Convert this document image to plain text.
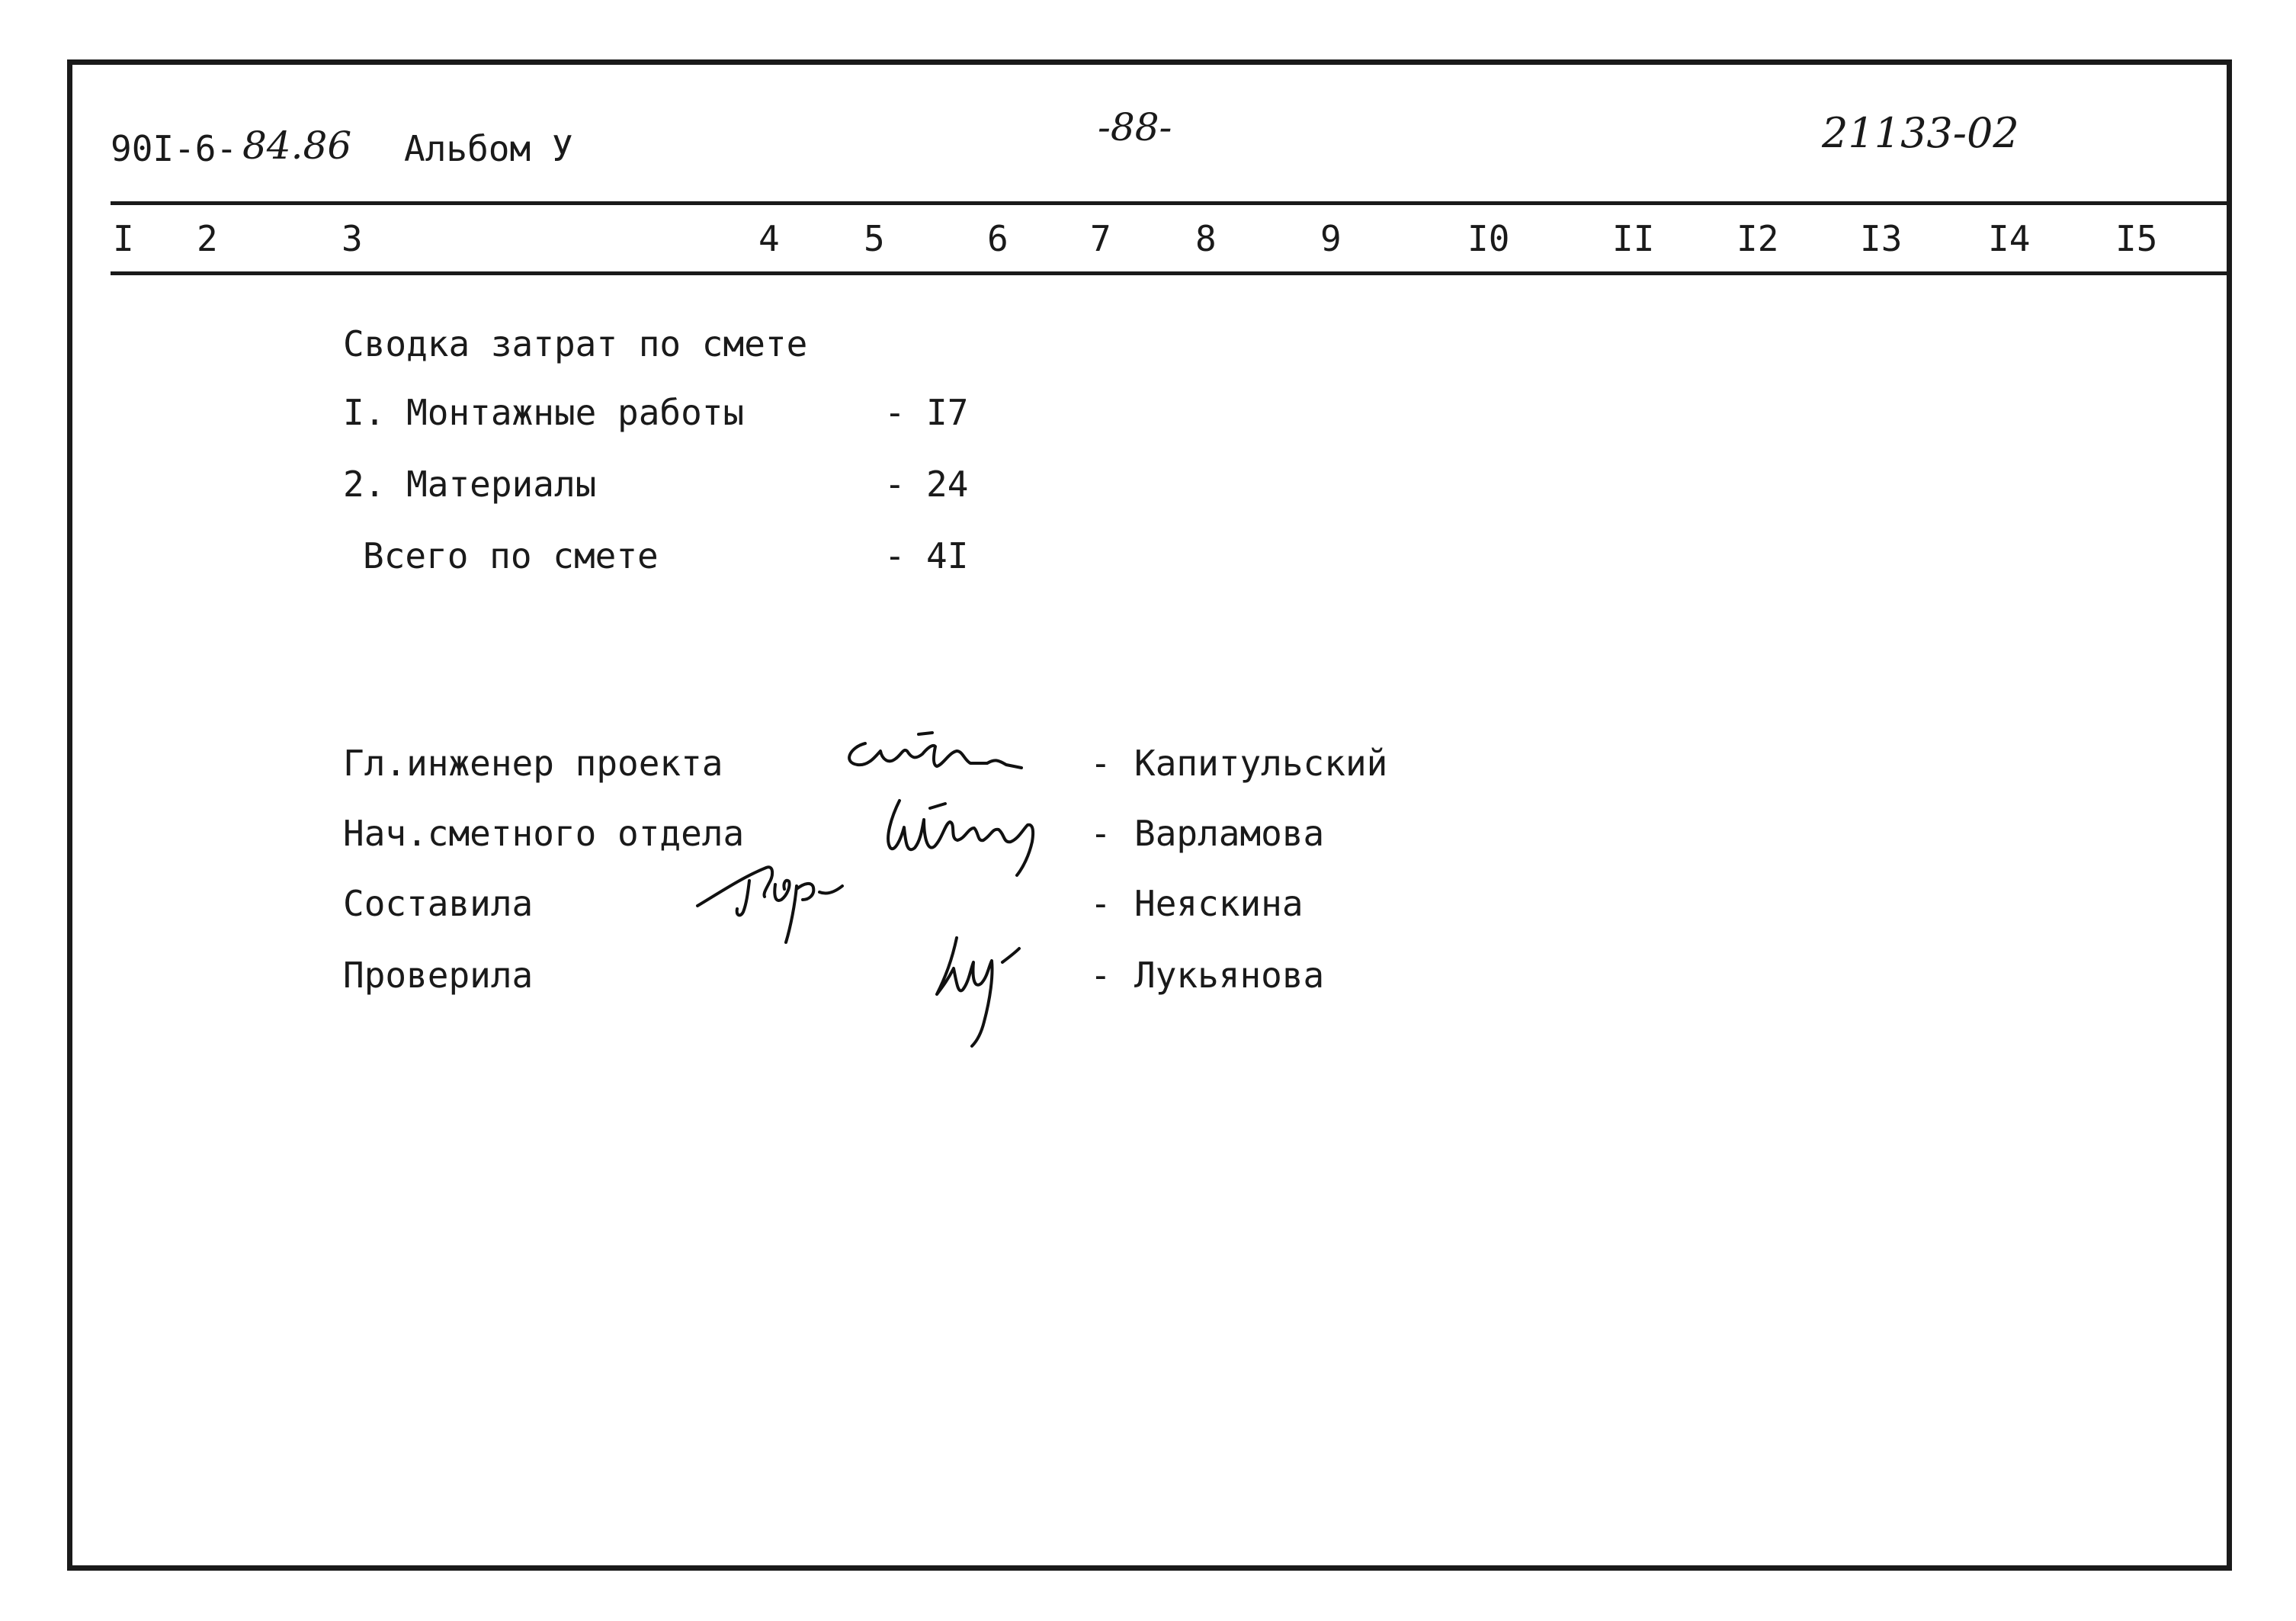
90I-6- 84.86 Альбом У	-88-	21133-02
I 2	3	4 5	6 7 8	9	I0	II I2 I3 I4 I5
Сводка затрат по смете
I. Монтажные работы	- I7
2. Материалы	- 24
Всего по смете	- 4I
Гл.инженер проекта	- Капитульский
Нач.сметного отдела	- Варламова
Составила	- Неяскина
Проверила	- Лукьянова
